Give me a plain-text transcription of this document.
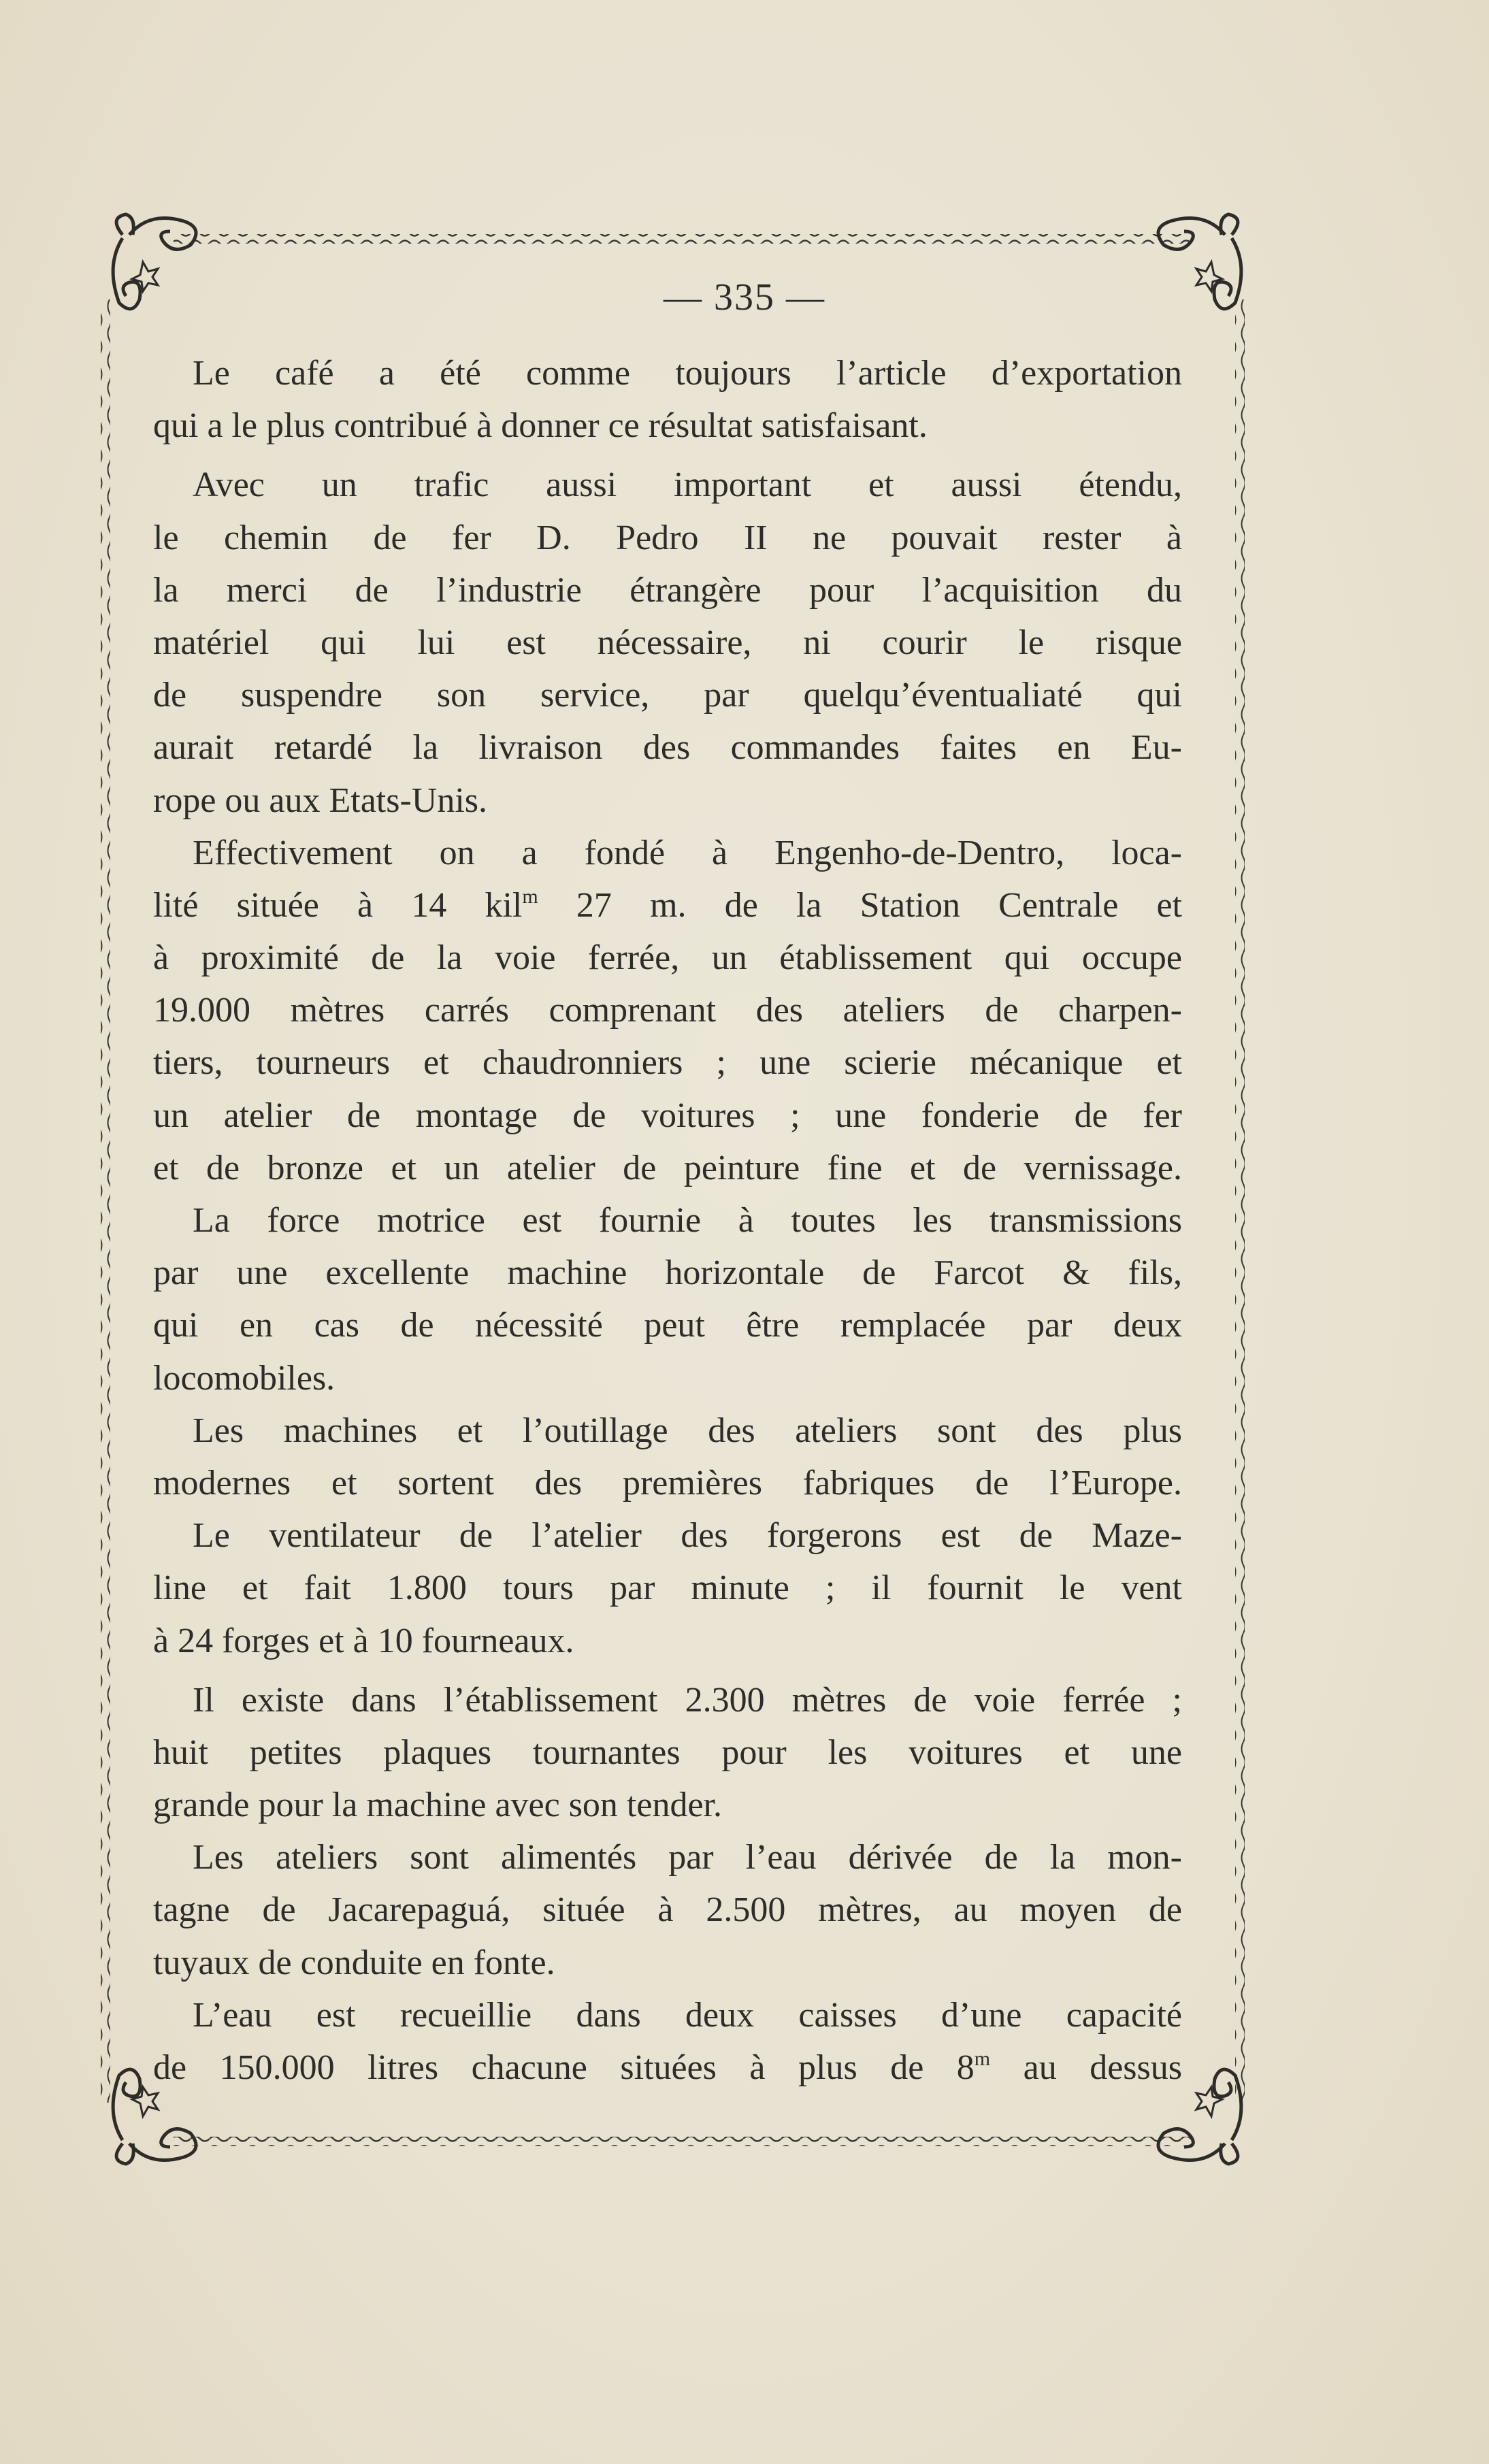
— 335 —
Le café a été comme toujours l’article d’exportation
qui a le plus contribué à donner ce résultat satisfaisant.
Avec un trafic aussi important et aussi étendu,
le chemin de fer D. Pedro II ne pouvait rester à
la merci de l’industrie étrangère pour l’acquisition du
matériel qui lui est nécessaire, ni courir le risque
de suspendre son service, par quelqu’éventualiaté qui
aurait retardé la livraison des commandes faites en Eu-
rope ou aux Etats-Unis.
Effectivement on a fondé à Engenho-de-Dentro, loca-
lité située à 14 kil$^m$ 27 m. de la Station Centrale et
à proximité de la voie ferrée, un établissement qui occupe
19.000 mètres carrés comprenant des ateliers de charpen-
tiers, tourneurs et chaudronniers ; une scierie mécanique et
un atelier de montage de voitures ; une fonderie de fer
et de bronze et un atelier de peinture fine et de vernissage.
La force motrice est fournie à toutes les transmissions
par une excellente machine horizontale de Farcot & fils,
qui en cas de nécessité peut être remplacée par deux
locomobiles.
Les machines et l’outillage des ateliers sont des plus
modernes et sortent des premières fabriques de l’Europe.
Le ventilateur de l’atelier des forgerons est de Maze-
line et fait 1.800 tours par minute ; il fournit le vent
à 24 forges et à 10 fourneaux.
Il existe dans l’établissement 2.300 mètres de voie ferrée ;
huit petites plaques tournantes pour les voitures et une
grande pour la machine avec son tender.
Les ateliers sont alimentés par l’eau dérivée de la mon-
tagne de Jacarepaguá, située à 2.500 mètres, au moyen de
tuyaux de conduite en fonte.
L’eau est recueillie dans deux caisses d’une capacité
de 150.000 litres chacune situées à plus de 8$^m$ au dessus
